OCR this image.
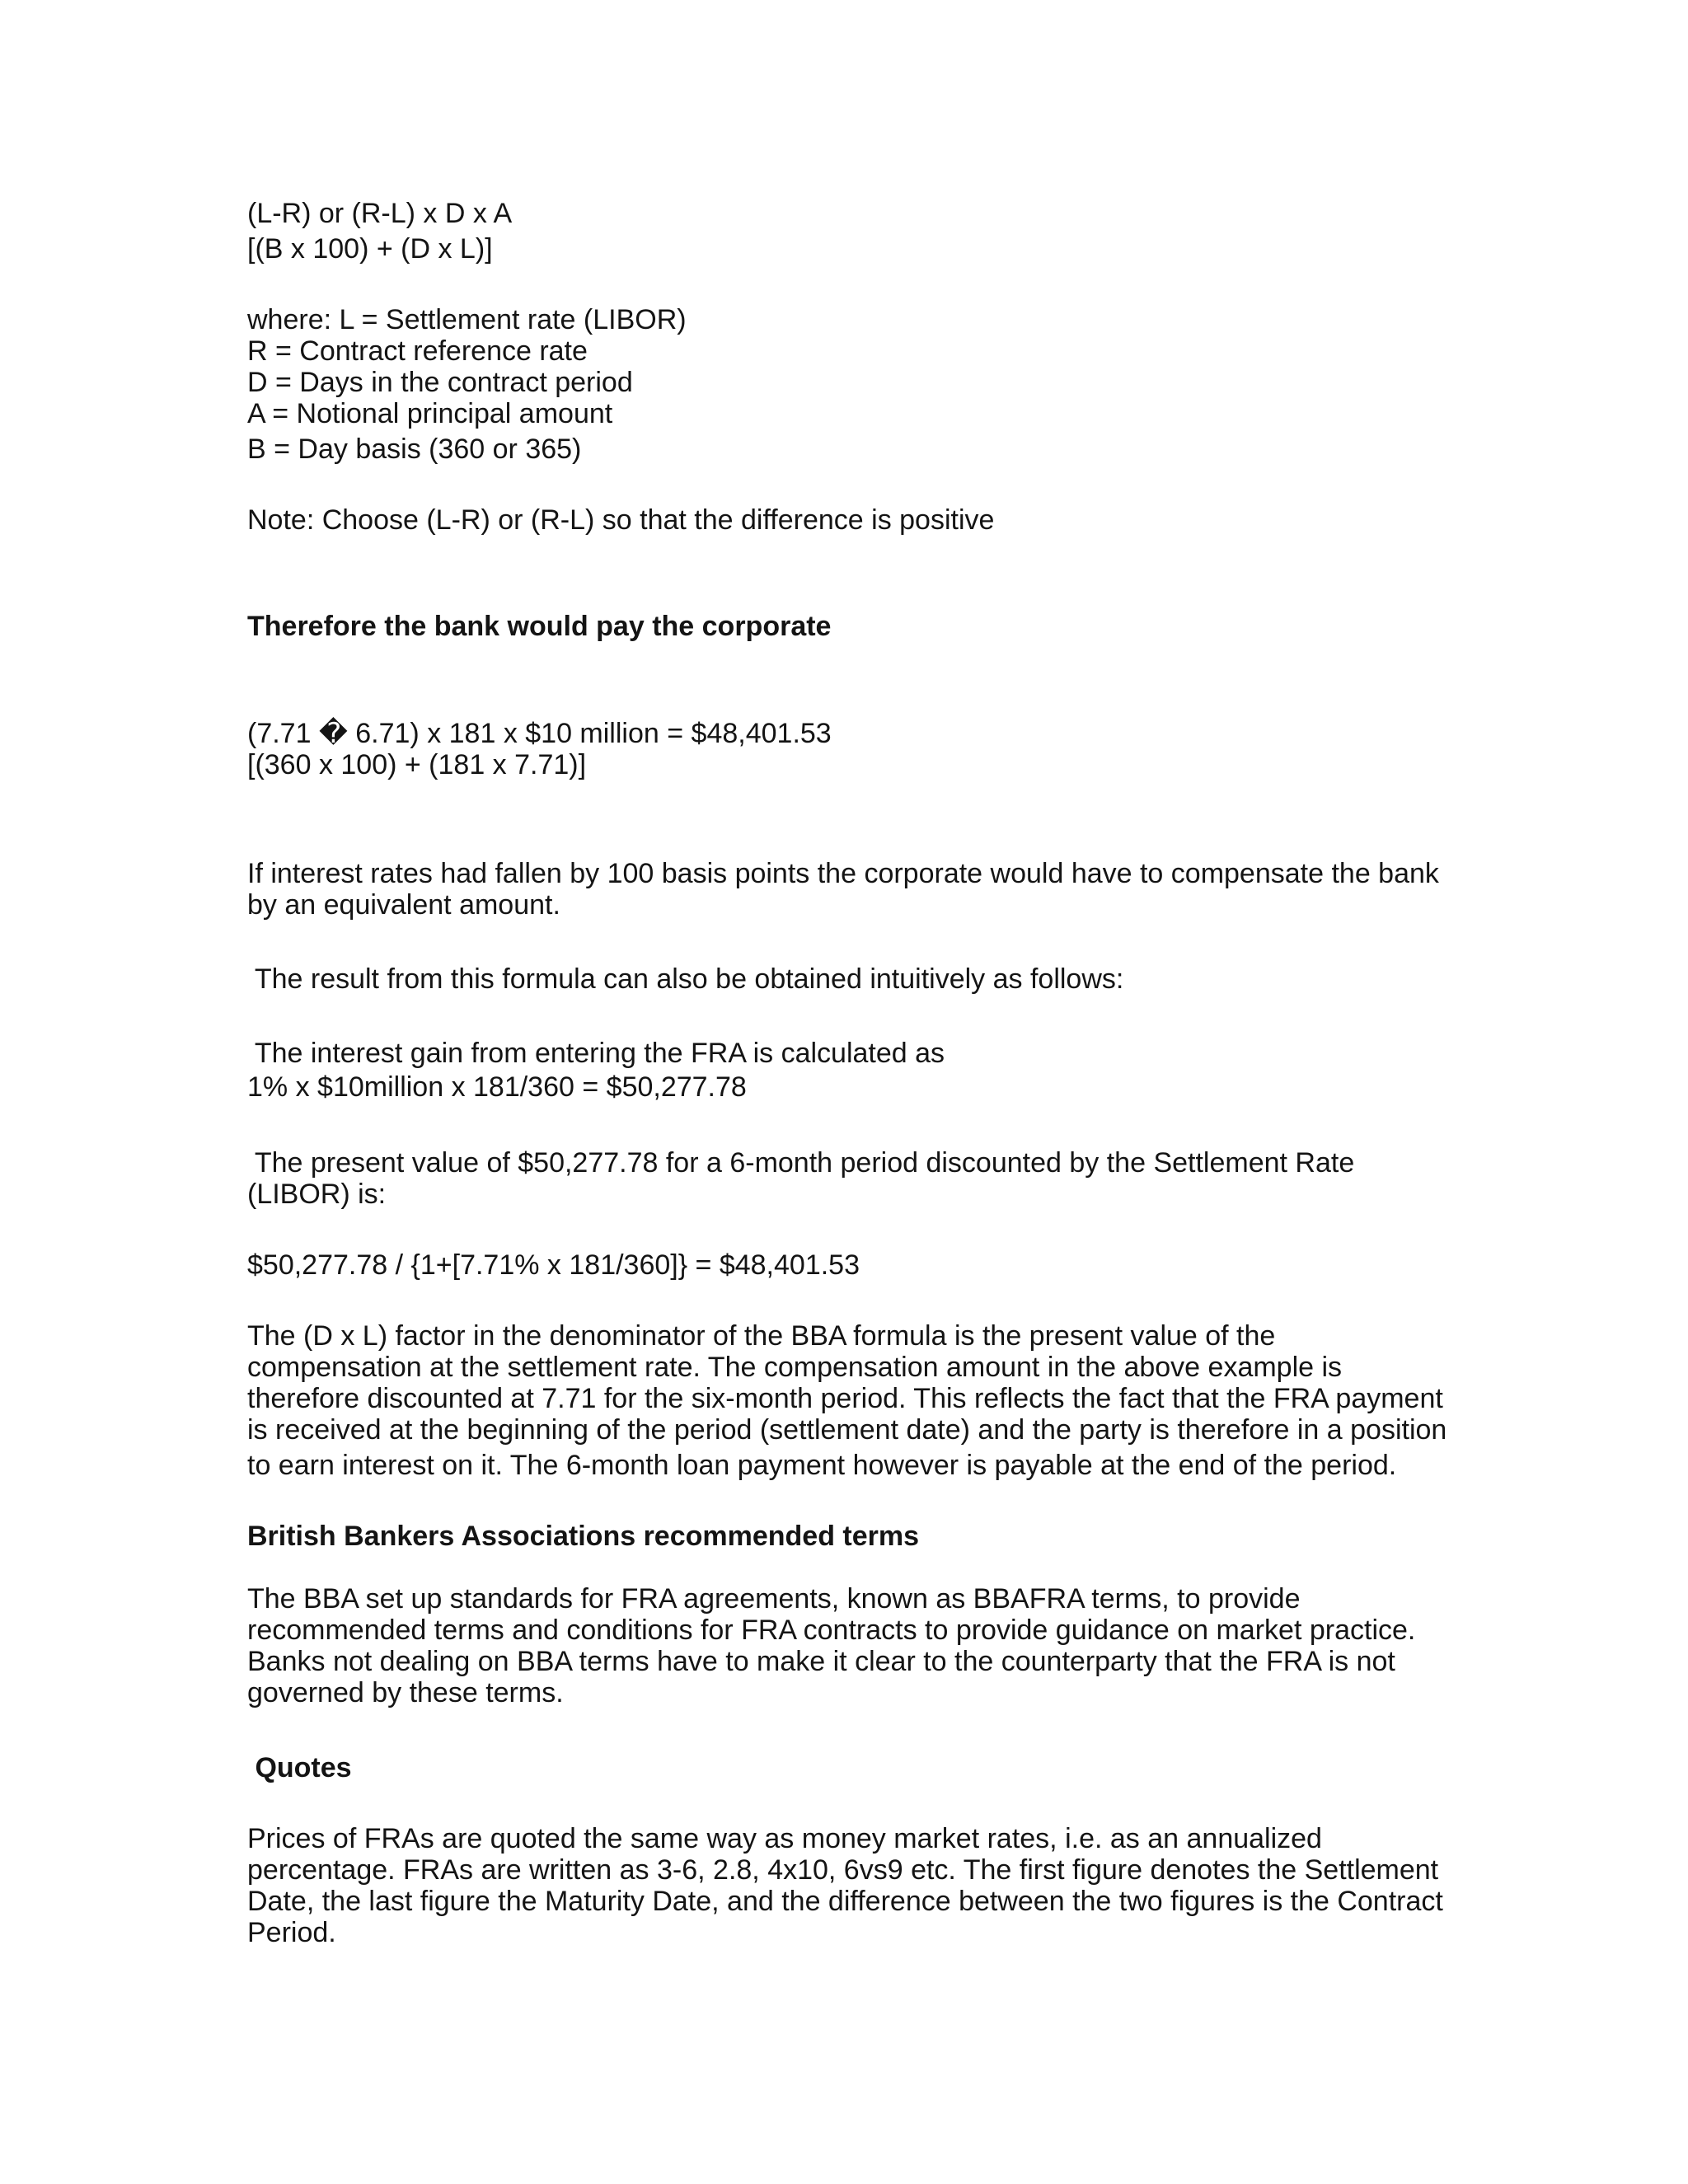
(L-R) or (R-L) x D x A

[(B x 100) + (D x L)]

where: L = Settlement rate (LIBOR)

R = Contract reference rate

D = Days in the contract period

A = Notional principal amount

B = Day basis (360 or 365)

Note: Choose (L-R) or (R-L) so that the difference is positive

Therefore the bank would pay the corporate

(7.71 � 6.71) x 181 x $10 million = $48,401.53

[(360 x 100) + (181 x 7.71)]

If interest rates had fallen by 100 basis points the corporate would have to compensate the bank

by an equivalent amount.

The result from this formula can also be obtained intuitively as follows:

The interest gain from entering the FRA is calculated as

1% x $10million x 181/360 = $50,277.78

The present value of $50,277.78 for a 6-month period discounted by the Settlement Rate

(LIBOR) is:

$50,277.78 / {1+[7.71% x 181/360]} = $48,401.53

The (D x L) factor in the denominator of the BBA formula is the present value of the

compensation at the settlement rate. The compensation amount in the above example is

therefore discounted at 7.71 for the six-month period. This reflects the fact that the FRA payment

is received at the beginning of the period (settlement date) and the party is therefore in a position

to earn interest on it. The 6-month loan payment however is payable at the end of the period.

British Bankers Associations recommended terms

The BBA set up standards for FRA agreements, known as BBAFRA terms, to provide

recommended terms and conditions for FRA contracts to provide guidance on market practice.

Banks not dealing on BBA terms have to make it clear to the counterparty that the FRA is not

governed by these terms.

Quotes

Prices of FRAs are quoted the same way as money market rates, i.e. as an annualized

percentage. FRAs are written as 3-6, 2.8, 4x10, 6vs9 etc. The first figure denotes the Settlement

Date, the last figure the Maturity Date, and the difference between the two figures is the Contract

Period.
